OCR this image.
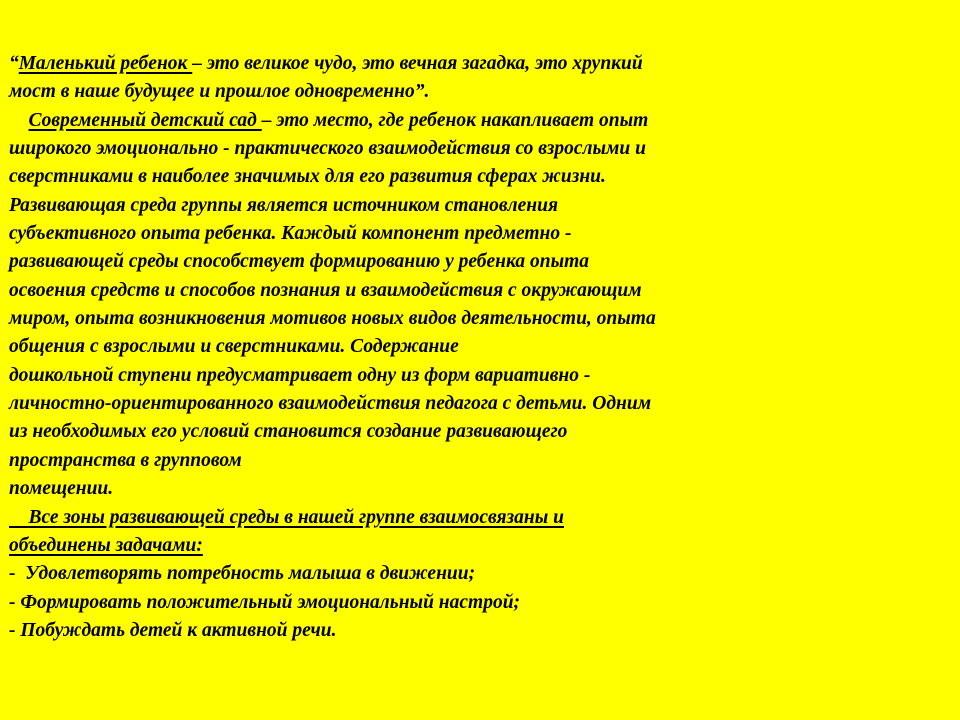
“Маленький ребенок – это великое чудо, это вечная загадка, это хрупкий
мост в наше будущее и прошлое одновременно”.
Современный детский сад – это место, где ребенок накапливает опыт
широкого эмоционально - практического взаимодействия со взрослыми и
сверстниками в наиболее значимых для его развития сферах жизни.
Развивающая среда группы является источником становления
субъективного опыта ребенка. Каждый компонент предметно -
развивающей среды способствует формированию у ребенка опыта
освоения средств и способов познания и взаимодействия с окружающим
миром, опыта возникновения мотивов новых видов деятельности, опыта
общения с взрослыми и сверстниками. Содержание
дошкольной ступени предусматривает одну из форм вариативно -
личностно-ориентированного взаимодействия педагога с детьми. Одним
из необходимых его условий становится создание развивающего
пространства в групповом
помещении.
Все зоны развивающей среды в нашей группе взаимосвязаны и
объединены задачами:
-  Удовлетворять потребность малыша в движении;
- Формировать положительный эмоциональный настрой;
- Побуждать детей к активной речи.
